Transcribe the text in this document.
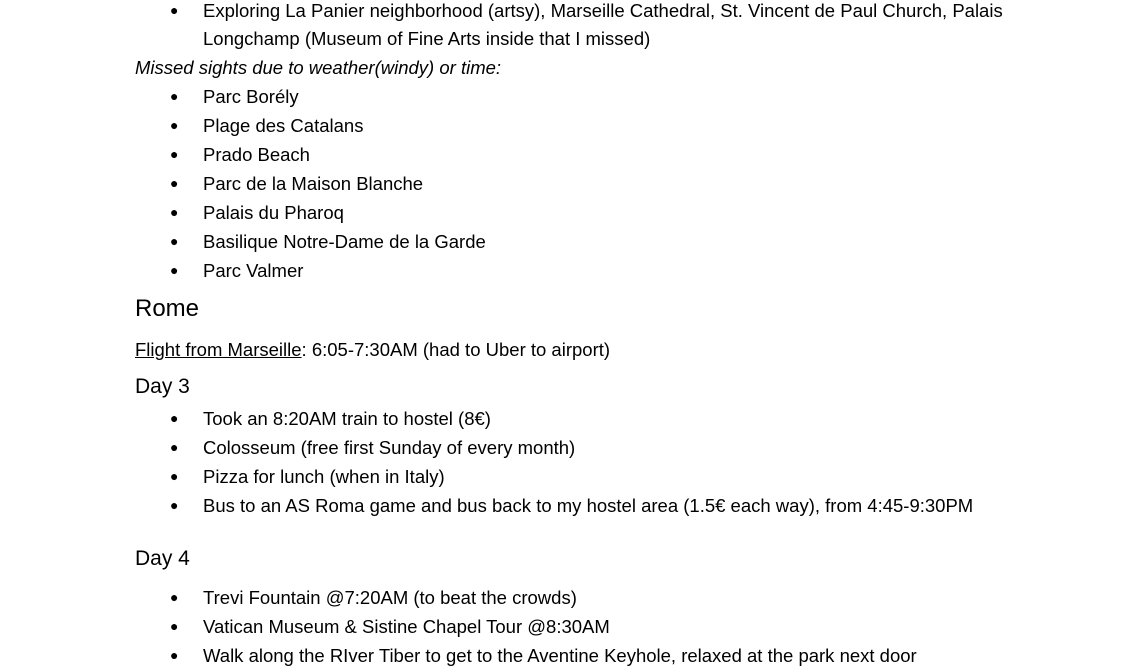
● Exploring La Panier neighborhood (artsy), Marseille Cathedral, St. Vincent de Paul Church, Palais
Longchamp (Museum of Fine Arts inside that I missed)
Missed sights due to weather(windy) or time:
● Parc Borély
● Plage des Catalans
● Prado Beach
● Parc de la Maison Blanche
● Palais du Pharoq
● Basilique Notre-Dame de la Garde
● Parc Valmer
Rome
Flight from Marseille: 6:05-7:30AM (had to Uber to airport)
Day 3
● Took an 8:20AM train to hostel (8€)
● Colosseum (free first Sunday of every month)
● Pizza for lunch (when in Italy)
● Bus to an AS Roma game and bus back to my hostel area (1.5€ each way), from 4:45-9:30PM
Day 4
● Trevi Fountain @7:20AM (to beat the crowds)
● Vatican Museum & Sistine Chapel Tour @8:30AM
● Walk along the RIver Tiber to get to the Aventine Keyhole, relaxed at the park next door
